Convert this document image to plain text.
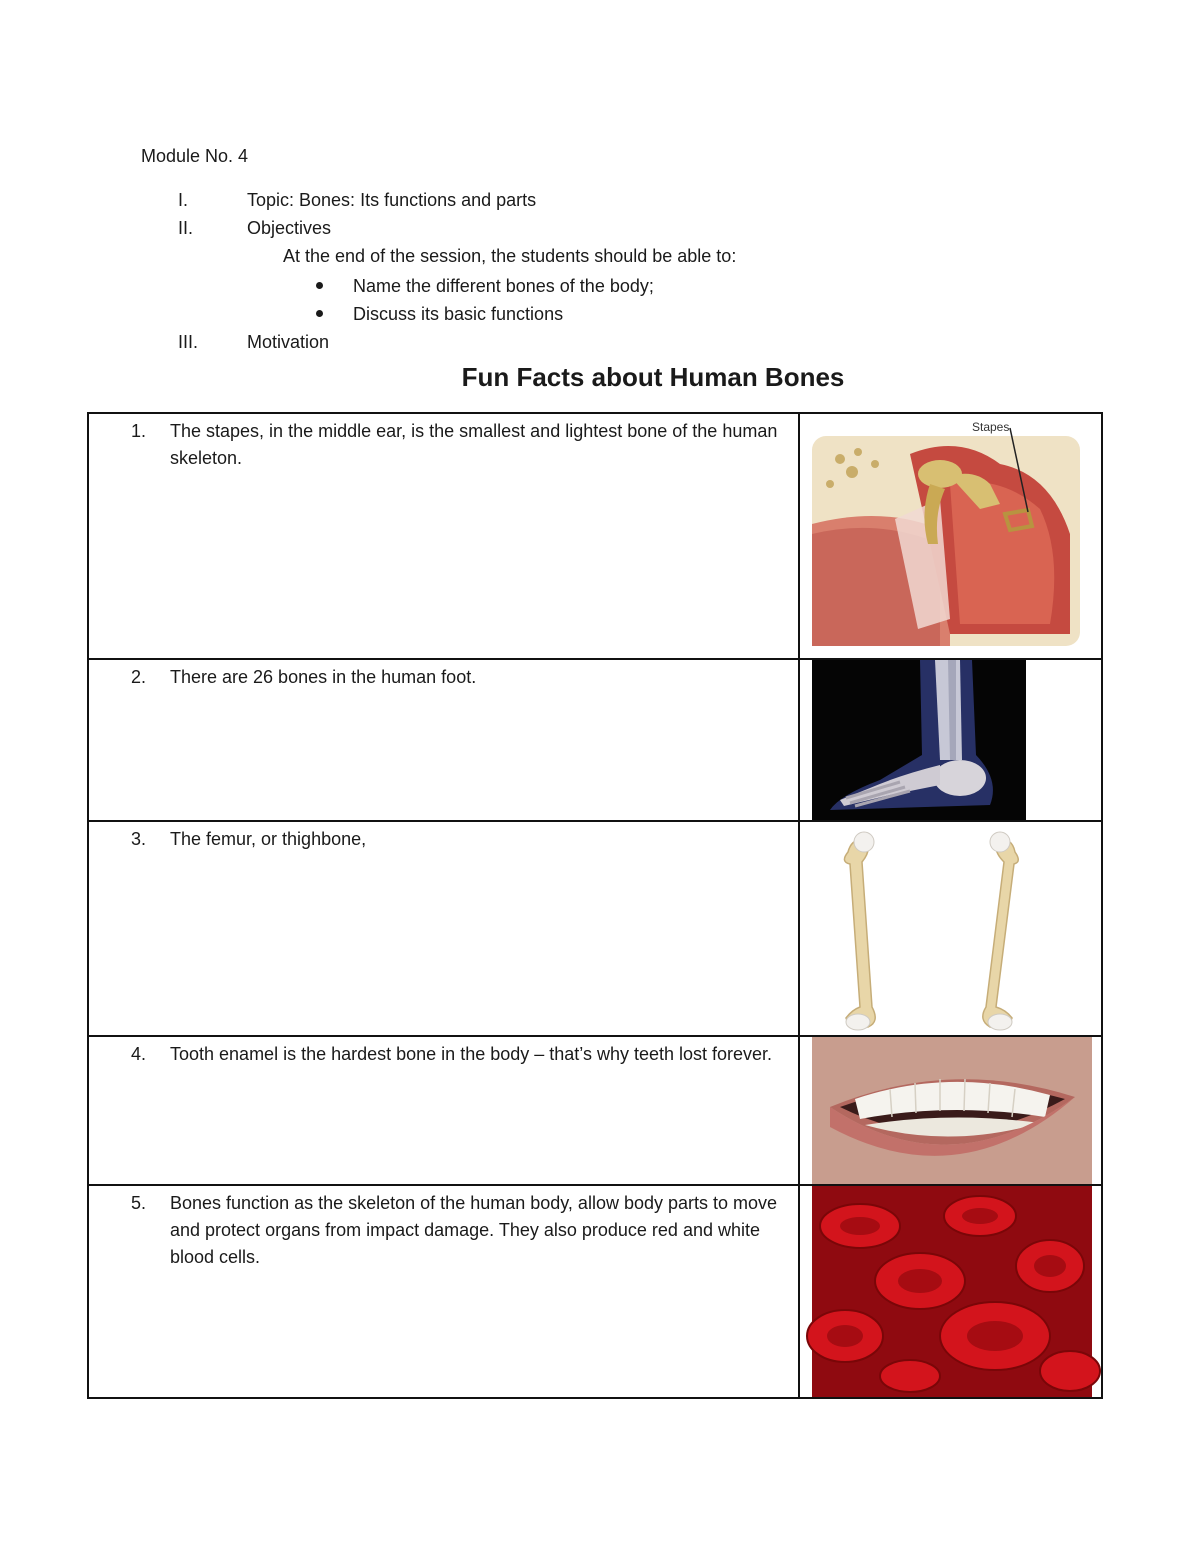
Module No. 4
I.	Topic: Bones: Its functions and parts
II.	Objectives
At the end of the session, the students should be able to:
Name the different bones of the body;
Discuss its basic functions
III.	Motivation
Fun Facts about Human Bones
1. The stapes, in the middle ear, is the smallest and lightest bone of the human skeleton.	Stapes

2. There are 26 bones in the human foot.

3. The femur, or thighbone,

4. Tooth enamel is the hardest bone in the body – that’s why teeth lost forever.

5. Bones function as the skeleton of the human body, allow body parts to move and protect organs from impact damage. They also produce red and white blood cells.
